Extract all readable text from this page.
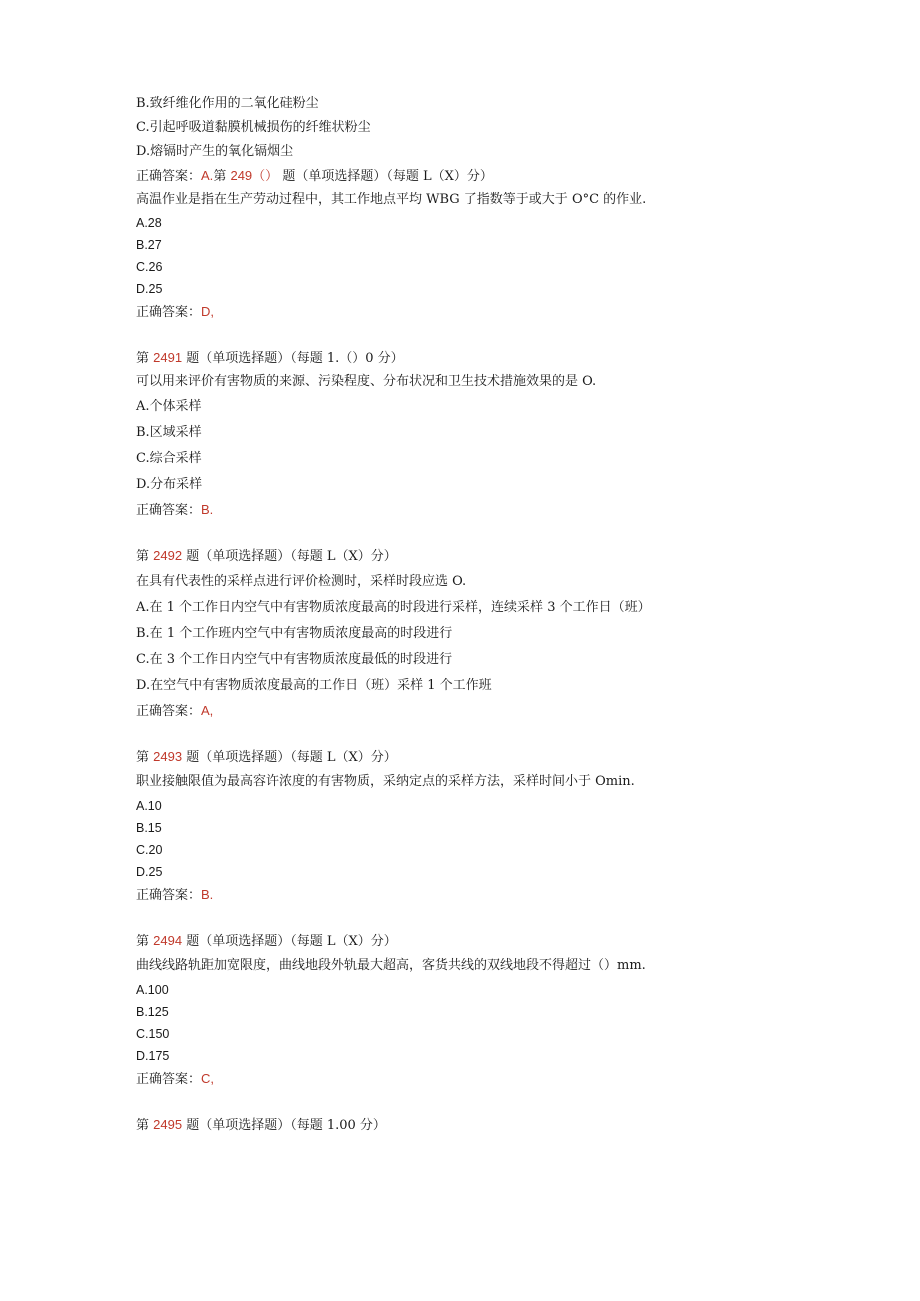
B.致纤维化作用的二氧化硅粉尘
C.引起呼吸道黏膜机械损伤的纤维状粉尘
D.熔镉时产生的氧化镉烟尘
正确答案：A.第 249（） 题（单项选择题）（每题 L（X）分）
高温作业是指在生产劳动过程中，其工作地点平均 WBG 了指数等于或大于 O°C 的作业.
A.28
B.27
C.26
D.25
正确答案：D,
第 2491 题（单项选择题）（每题 1.（）0 分）
可以用来评价有害物质的来源、污染程度、分布状况和卫生技术措施效果的是 O.
A.个体采样
B.区域采样
C.综合采样
D.分布采样
正确答案：B.
第 2492 题（单项选择题）（每题 L（X）分）
在具有代表性的采样点进行评价检测时，采样时段应选 O.
A.在 1 个工作日内空气中有害物质浓度最高的时段进行采样，连续采样 3 个工作日（班）
B.在 1 个工作班内空气中有害物质浓度最高的时段进行
C.在 3 个工作日内空气中有害物质浓度最低的时段进行
D.在空气中有害物质浓度最高的工作日（班）采样 1 个工作班
正确答案：A,
第 2493 题（单项选择题）（每题 L（X）分）
职业接触限值为最高容许浓度的有害物质，采纳定点的采样方法，采样时间小于 Omin.
A.10
B.15
C.20
D.25
正确答案：B.
第 2494 题（单项选择题）（每题 L（X）分）
曲线线路轨距加宽限度，曲线地段外轨最大超高，客货共线的双线地段不得超过（）mm.
A.100
B.125
C.150
D.175
正确答案：C,
第 2495 题（单项选择题）（每题 1.00 分）
